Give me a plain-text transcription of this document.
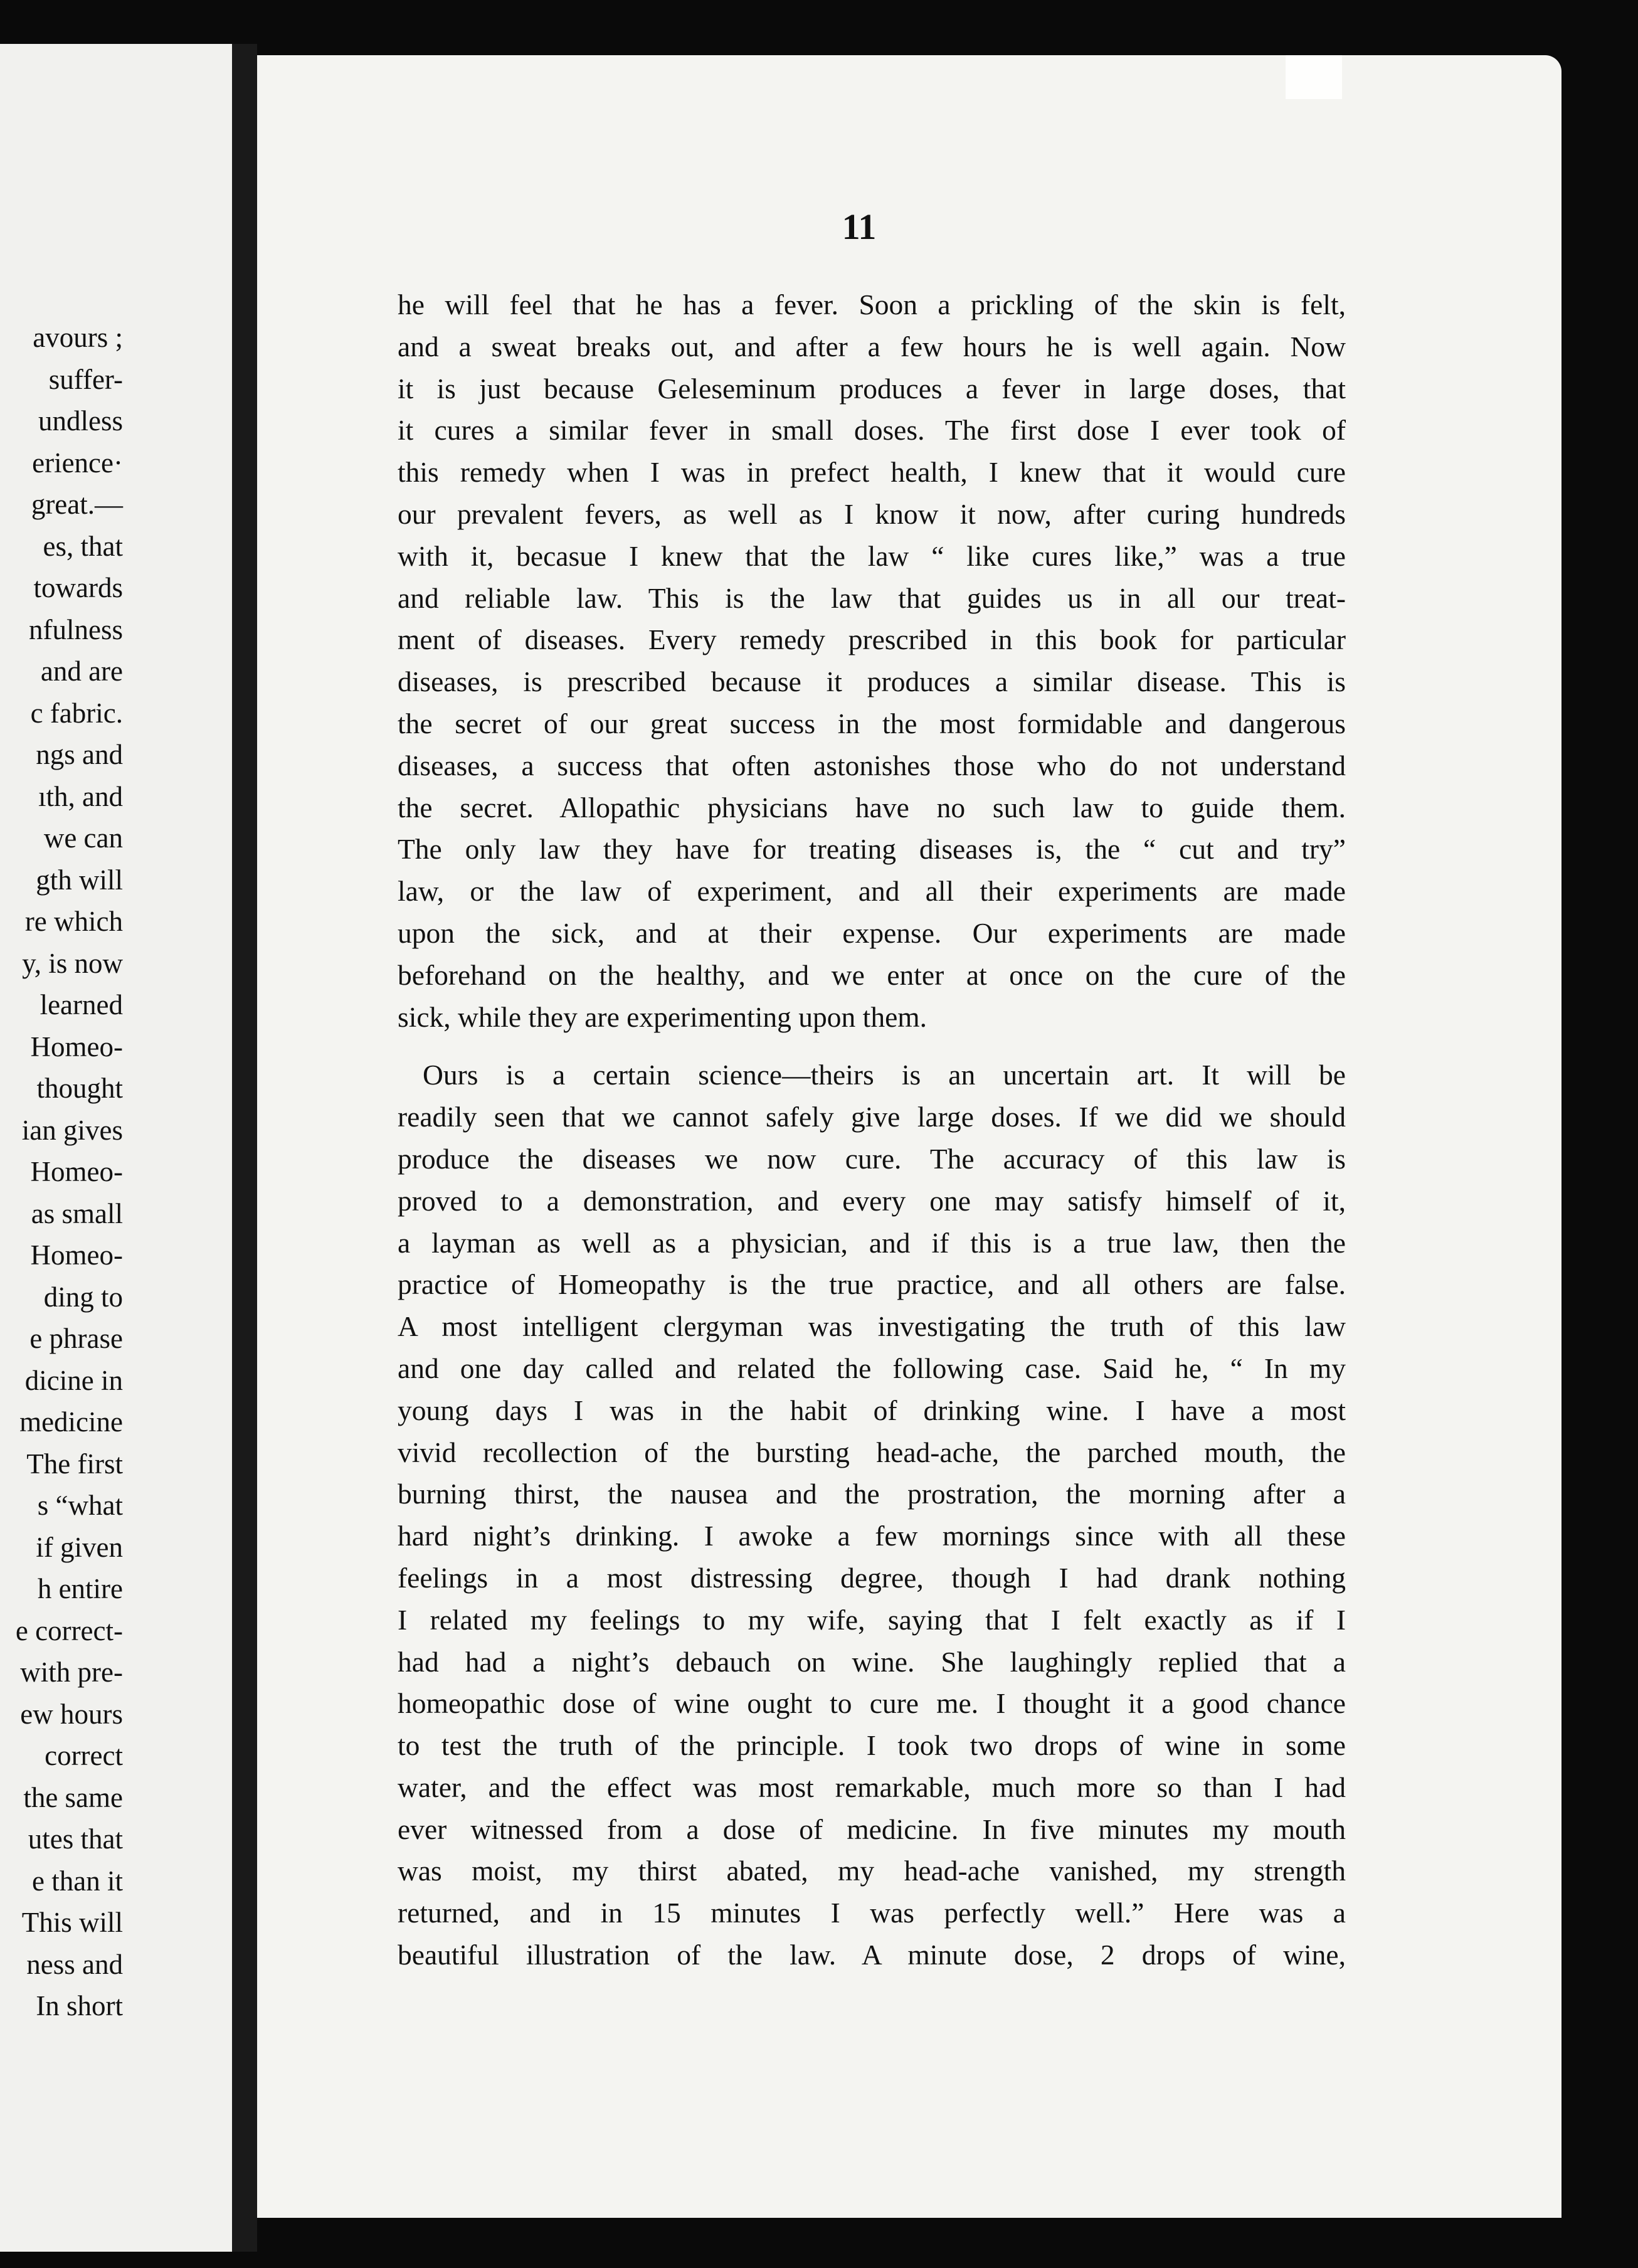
avours ;
suffer-
undless
erience·
great.—
es, that
towards
nfulness
and are
c fabric.
ngs and
ıth, and
we can
gth will
re which
y, is now
learned
Homeo-
thought
ian gives
Homeo-
as small
Homeo-
ding to
e phrase
dicine in
medicine
The first
s “what
if given
h entire
e correct-
with pre-
ew hours
correct
the same
utes that
e than it
This will
ness and
In short
11
he will feel that he has a fever. Soon a prickling of the skin is felt,
and a sweat breaks out, and after a few hours he is well again. Now
it is just because Geleseminum produces a fever in large doses, that
it cures a similar fever in small doses. The first dose I ever took of
this remedy when I was in prefect health, I knew that it would cure
our prevalent fevers, as well as I know it now, after curing hundreds
with it, becasue I knew that the law “ like cures like,” was a true
and reliable law. This is the law that guides us in all our treat-
ment of diseases. Every remedy prescribed in this book for particular
diseases, is prescribed because it produces a similar disease. This is
the secret of our great success in the most formidable and dangerous
diseases, a success that often astonishes those who do not understand
the secret. Allopathic physicians have no such law to guide them.
The only law they have for treating diseases is, the “ cut and try”
law, or the law of experiment, and all their experiments are made
upon the sick, and at their expense. Our experiments are made
beforehand on the healthy, and we enter at once on the cure of the
sick, while they are experimenting upon them.
Ours is a certain science—theirs is an uncertain art. It will be
readily seen that we cannot safely give large doses. If we did we should
produce the diseases we now cure. The accuracy of this law is
proved to a demonstration, and every one may satisfy himself of it,
a layman as well as a physician, and if this is a true law, then the
practice of Homeopathy is the true practice, and all others are false.
A most intelligent clergyman was investigating the truth of this law
and one day called and related the following case. Said he, “ In my
young days I was in the habit of drinking wine. I have a most
vivid recollection of the bursting head-ache, the parched mouth, the
burning thirst, the nausea and the prostration, the morning after a
hard night’s drinking. I awoke a few mornings since with all these
feelings in a most distressing degree, though I had drank nothing
I related my feelings to my wife, saying that I felt exactly as if I
had had a night’s debauch on wine. She laughingly replied that a
homeopathic dose of wine ought to cure me. I thought it a good chance
to test the truth of the principle. I took two drops of wine in some
water, and the effect was most remarkable, much more so than I had
ever witnessed from a dose of medicine. In five minutes my mouth
was moist, my thirst abated, my head-ache vanished, my strength
returned, and in 15 minutes I was perfectly well.” Here was a
beautiful illustration of the law. A minute dose, 2 drops of wine,
